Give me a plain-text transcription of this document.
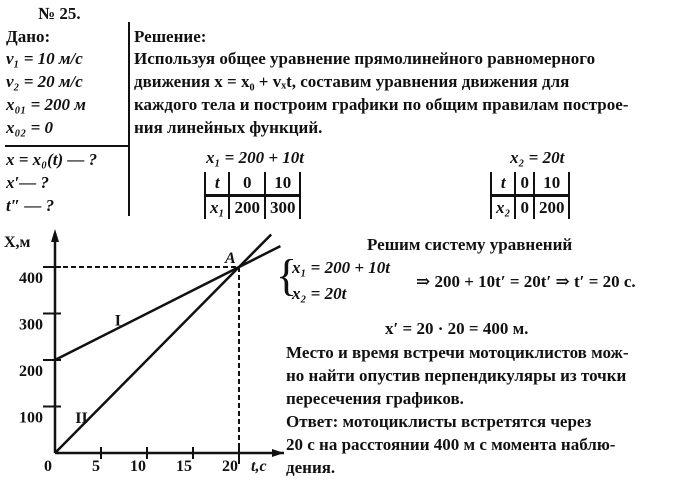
№ 25.
Дано:
v₁ = 10 м/с
v₂ = 20 м/с
x₀₁ = 200 м
x₀₂ = 0
x = x₀(t) — ?
x′— ?
t″ — ?
Решение:
Используя общее уравнение прямолинейного равномерного
движения x = x₀ + vₓt, составим уравнения движения для
каждого тела и построим графики по общим правилам построе-
ния линейных функций.
x₁ = 200 + 10t	x₂ = 20t
t	0	10
x₁	200	300
t	0	10
x₂	0	200
Решим систему уравнений
{
x₁ = 200 + 10t
x₂ = 20t
⇒ 200 + 10t′ = 20t′ ⇒ t′ = 20 с.
x′ = 20 · 20 = 400 м.
Место и время встречи мотоциклистов мож-
но найти опустив перпендикуляры из точки
пересечения графиков.
Ответ: мотоциклисты встретятся через
20 с на расстоянии 400 м с момента наблю-
дения.
X,м
t,с
0	5 10 15 20
100
200
300
400
A
I
II
